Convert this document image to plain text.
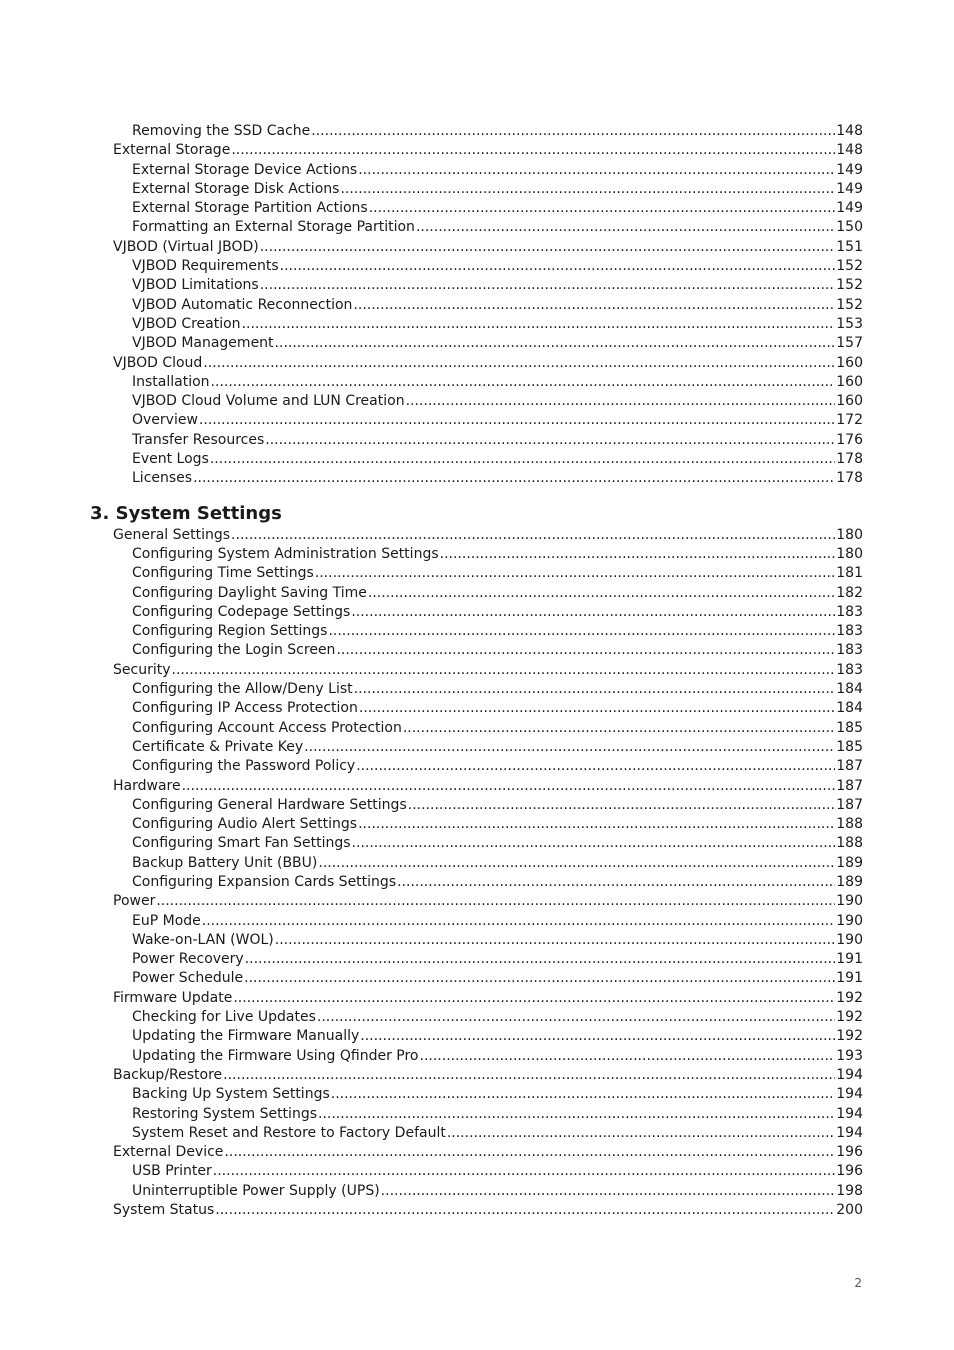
Removing the SSD Cache .....	148
External Storage .....	148
External Storage Device Actions .....	149
External Storage Disk Actions .....	149
External Storage Partition Actions .....	149
Formatting an External Storage Partition .....	150
VJBOD (Virtual JBOD) .....	151
VJBOD Requirements .....	152
VJBOD Limitations .....	152
VJBOD Automatic Reconnection .....	152
VJBOD Creation .....	153
VJBOD Management .....	157
VJBOD Cloud .....	160
Installation .....	160
VJBOD Cloud Volume and LUN Creation .....	160
Overview .....	172
Transfer Resources .....	176
Event Logs .....	178
Licenses .....	178
3. System Settings
General Settings .....	180
Configuring System Administration Settings .....	180
Configuring Time Settings .....	181
Configuring Daylight Saving Time .....	182
Configuring Codepage Settings .....	183
Configuring Region Settings .....	183
Configuring the Login Screen .....	183
Security .....	183
Configuring the Allow/Deny List .....	184
Configuring IP Access Protection .....	184
Configuring Account Access Protection .....	185
Certificate & Private Key .....	185
Configuring the Password Policy .....	187
Hardware .....	187
Configuring General Hardware Settings .....	187
Configuring Audio Alert Settings .....	188
Configuring Smart Fan Settings .....	188
Backup Battery Unit (BBU) .....	189
Configuring Expansion Cards Settings .....	189
Power .....	190
EuP Mode .....	190
Wake-on-LAN (WOL) .....	190
Power Recovery .....	191
Power Schedule .....	191
Firmware Update .....	192
Checking for Live Updates .....	192
Updating the Firmware Manually .....	192
Updating the Firmware Using Qfinder Pro .....	193
Backup/Restore .....	194
Backing Up System Settings .....	194
Restoring System Settings .....	194
System Reset and Restore to Factory Default .....	194
External Device .....	196
USB Printer .....	196
Uninterruptible Power Supply (UPS) .....	198
System Status .....	200
2
